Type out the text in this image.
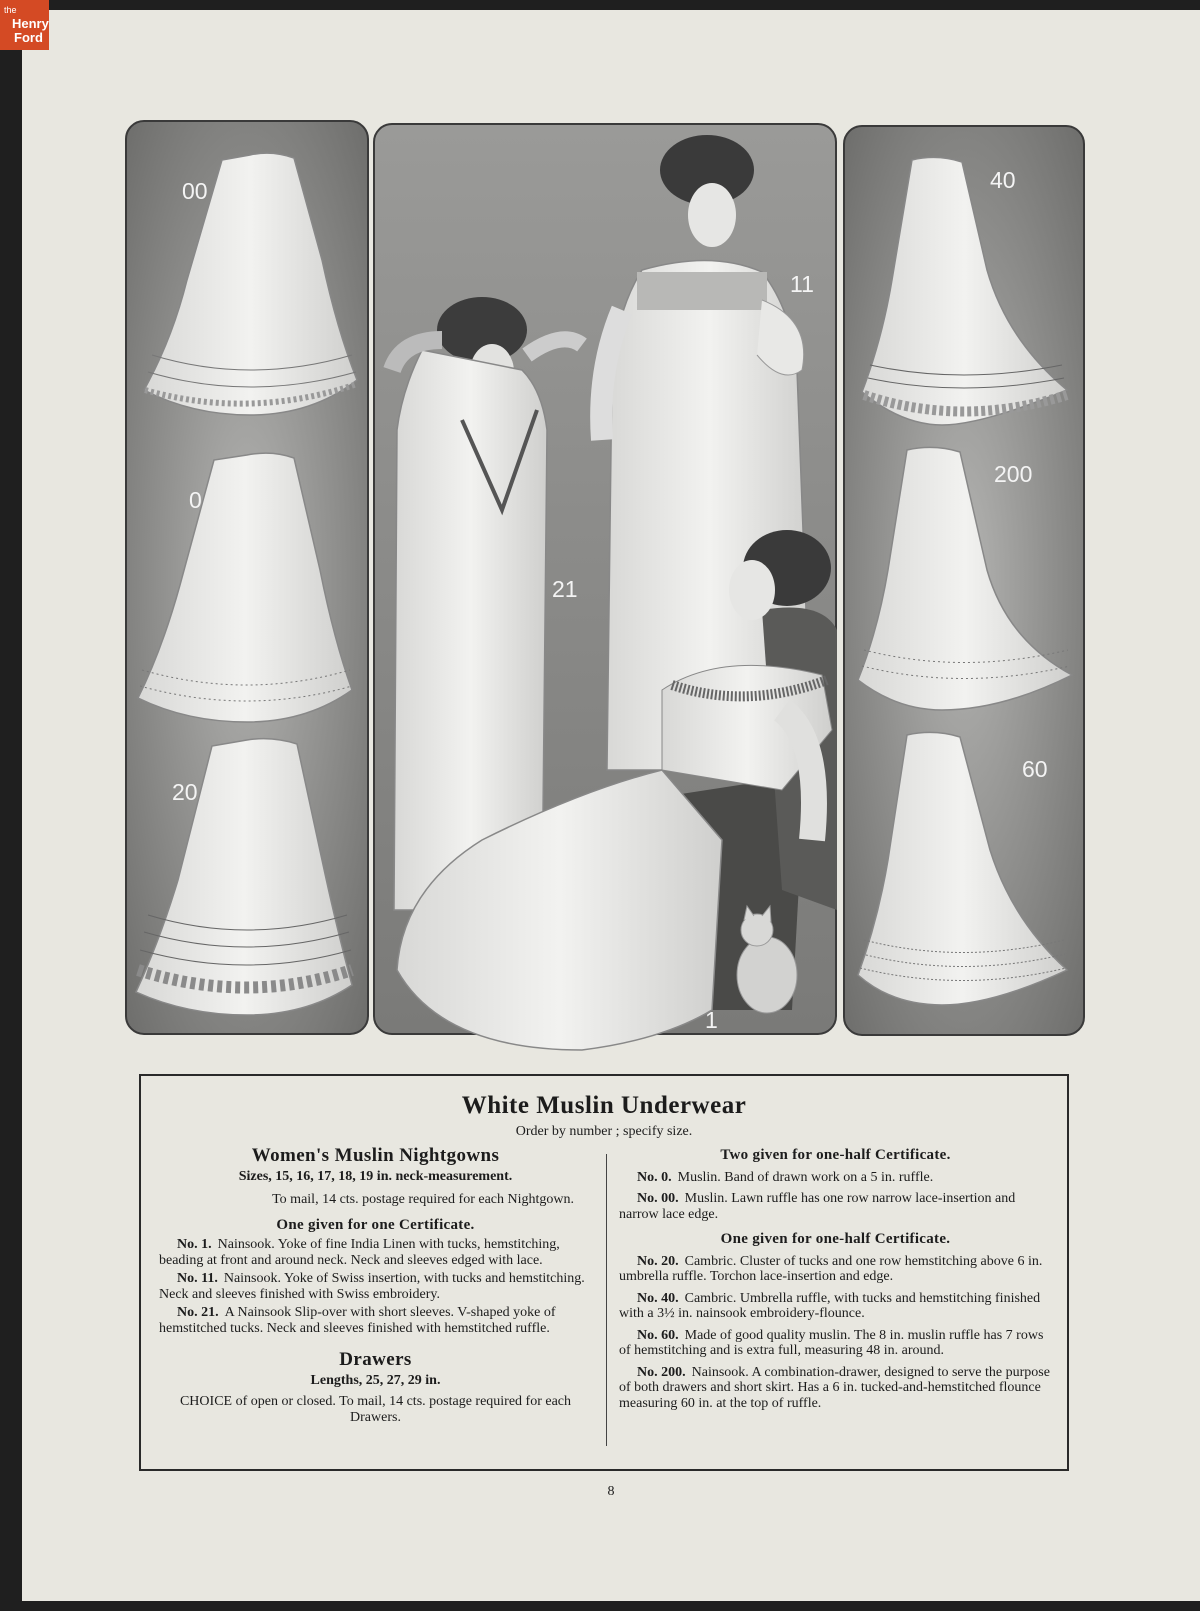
the
Henry
Ford
00
0
20
21
11
1
40
200
60
White Muslin Underwear
Order by number ; specify size.
Women's Muslin Nightgowns
Sizes, 15, 16, 17, 18, 19 in. neck-measurement.
To mail, 14 cts. postage required for each Nightgown.
One given for one Certificate.
No. 1. Nainsook. Yoke of fine India Linen with tucks, hemstitching, beading at front and around neck. Neck and sleeves edged with lace.
No. 11. Nainsook. Yoke of Swiss insertion, with tucks and hemstitching. Neck and sleeves finished with Swiss embroidery.
No. 21. A Nainsook Slip-over with short sleeves. V-shaped yoke of hemstitched tucks. Neck and sleeves finished with hemstitched ruffle.
Drawers
Lengths, 25, 27, 29 in.
CHOICE of open or closed. To mail, 14 cts. postage required for each Drawers.
Two given for one-half Certificate.
No. 0. Muslin. Band of drawn work on a 5 in. ruffle.
No. 00. Muslin. Lawn ruffle has one row narrow lace-insertion and narrow lace edge.
One given for one-half Certificate.
No. 20. Cambric. Cluster of tucks and one row hemstitching above 6 in. umbrella ruffle. Torchon lace-insertion and edge.
No. 40. Cambric. Umbrella ruffle, with tucks and hemstitching finished with a 3½ in. nainsook embroidery-flounce.
No. 60. Made of good quality muslin. The 8 in. muslin ruffle has 7 rows of hemstitching and is extra full, measuring 48 in. around.
No. 200. Nainsook. A combination-drawer, designed to serve the purpose of both drawers and short skirt. Has a 6 in. tucked-and-hemstitched flounce measuring 60 in. at the top of ruffle.
8
